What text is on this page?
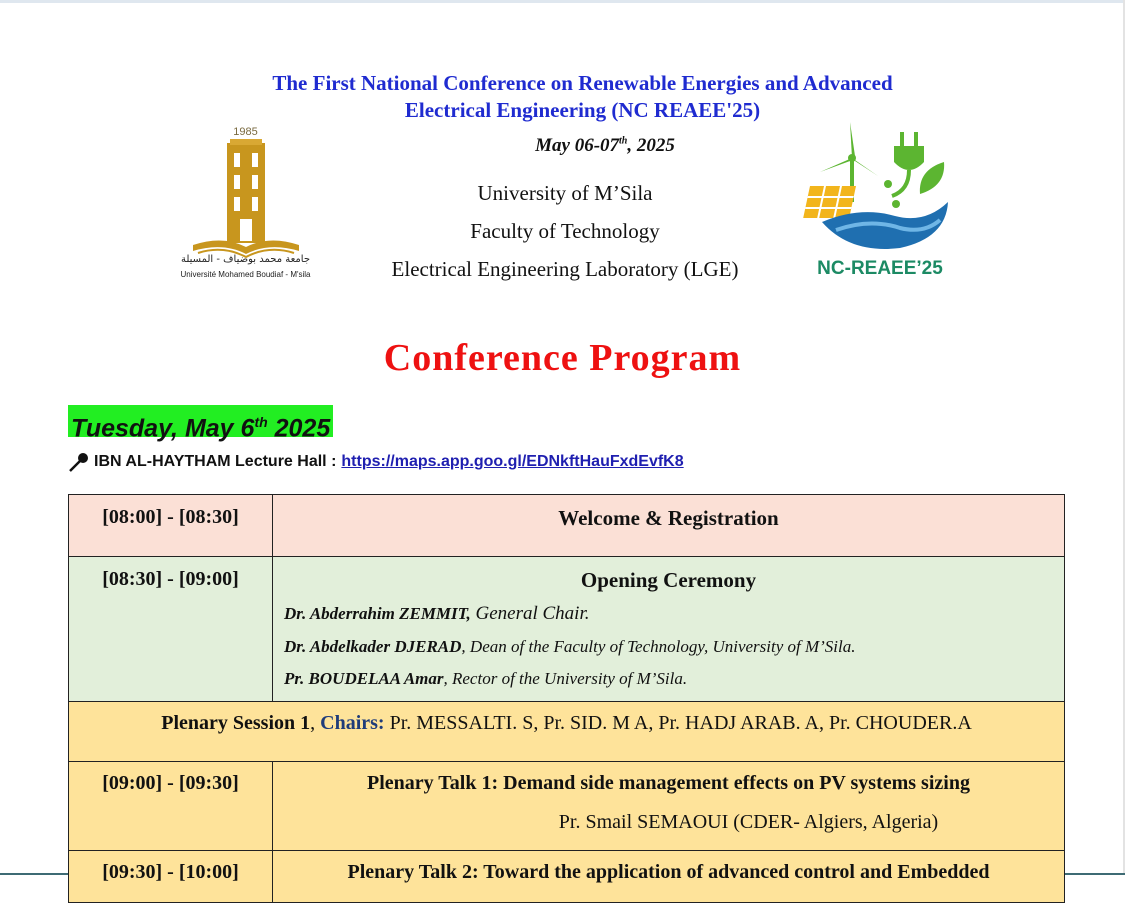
The First National Conference on Renewable Energies and Advanced
Electrical Engineering (NC REAEE'25)
May 06-07th, 2025
University of M’Sila
Faculty of Technology
Electrical Engineering Laboratory (LGE)
1985
جامعة محمد بوضياف - المسيلة
Université Mohamed Boudiaf - M'sila	NC-REAEE’25
Conference Program
Tuesday, May 6th 2025
IBN AL-HAYTHAM Lecture Hall : https://maps.app.goo.gl/EDNkftHauFxdEvfK8
[08:00] - [08:30]	Welcome & Registration

[08:30] - [09:00]	Opening Ceremony
Dr. Abderrahim ZEMMIT, General Chair.
Dr. Abdelkader DJERAD, Dean of the Faculty of Technology, University of M’Sila.
Pr. BOUDELAA Amar, Rector of the University of M’Sila.

Plenary Session 1, Chairs: Pr. MESSALTI. S, Pr. SID. M A, Pr. HADJ ARAB. A, Pr. CHOUDER.A	
[09:00] - [09:30]	Plenary Talk 1: Demand side management effects on PV systems sizing
Pr. Smail SEMAOUI (CDER- Algiers, Algeria)

[09:30] - [10:00]	Plenary Talk 2: Toward the application of advanced control and Embedded
